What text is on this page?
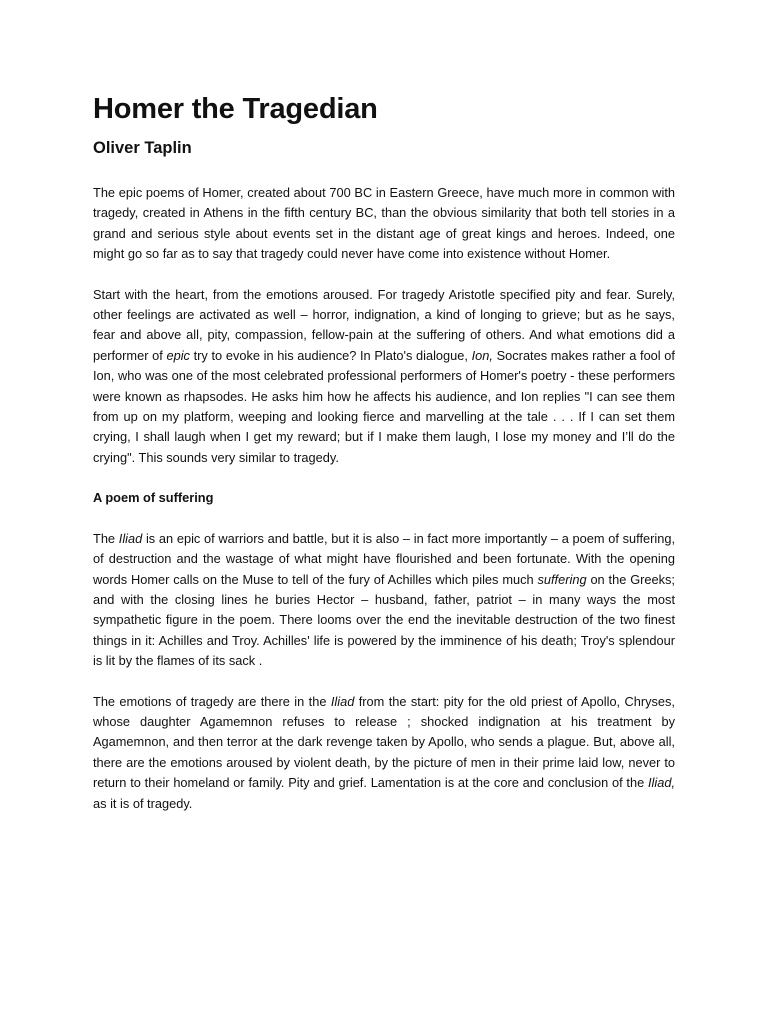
Homer the Tragedian
Oliver Taplin

The epic poems of Homer, created about 700 BC in Eastern Greece, have much more in common with tragedy, created in Athens in the fifth century BC, than the obvious similarity that both tell stories in a grand and serious style about events set in the distant age of great kings and heroes. Indeed, one might go so far as to say that tragedy could never have come into existence without Homer.

Start with the heart, from the emotions aroused. For tragedy Aristotle specified pity and fear. Surely, other feelings are activated as well – horror, indignation, a kind of longing to grieve; but as he says, fear and above all, pity, compassion, fellow-pain at the suffering of others. And what emotions did a performer of epic try to evoke in his audience? In Plato's dialogue, Ion, Socrates makes rather a fool of Ion, who was one of the most celebrated professional performers of Homer's poetry - these performers were known as rhapsodes. He asks him how he affects his audience, and Ion replies "I can see them from up on my platform, weeping and looking fierce and marvelling at the tale . . . If I can set them crying, I shall laugh when I get my reward; but if I make them laugh, I lose my money and I’ll do the crying". This sounds very similar to tragedy.

A poem of suffering

The Iliad is an epic of warriors and battle, but it is also – in fact more importantly – a poem of suffering, of destruction and the wastage of what might have flourished and been fortunate. With the opening words Homer calls on the Muse to tell of the fury of Achilles which piles much suffering on the Greeks; and with the closing lines he buries Hector – husband, father, patriot – in many ways the most sympathetic figure in the poem. There looms over the end the inevitable destruction of the two finest things in it: Achilles and Troy. Achilles' life is powered by the imminence of his death; Troy's splendour is lit by the flames of its sack .

The emotions of tragedy are there in the Iliad from the start: pity for the old priest of Apollo, Chryses, whose daughter Agamemnon refuses to release ; shocked indignation at his treatment by Agamemnon, and then terror at the dark revenge taken by Apollo, who sends a plague. But, above all, there are the emotions aroused by violent death, by the picture of men in their prime laid low, never to return to their homeland or family. Pity and grief. Lamentation is at the core and conclusion of the Iliad, as it is of tragedy.
